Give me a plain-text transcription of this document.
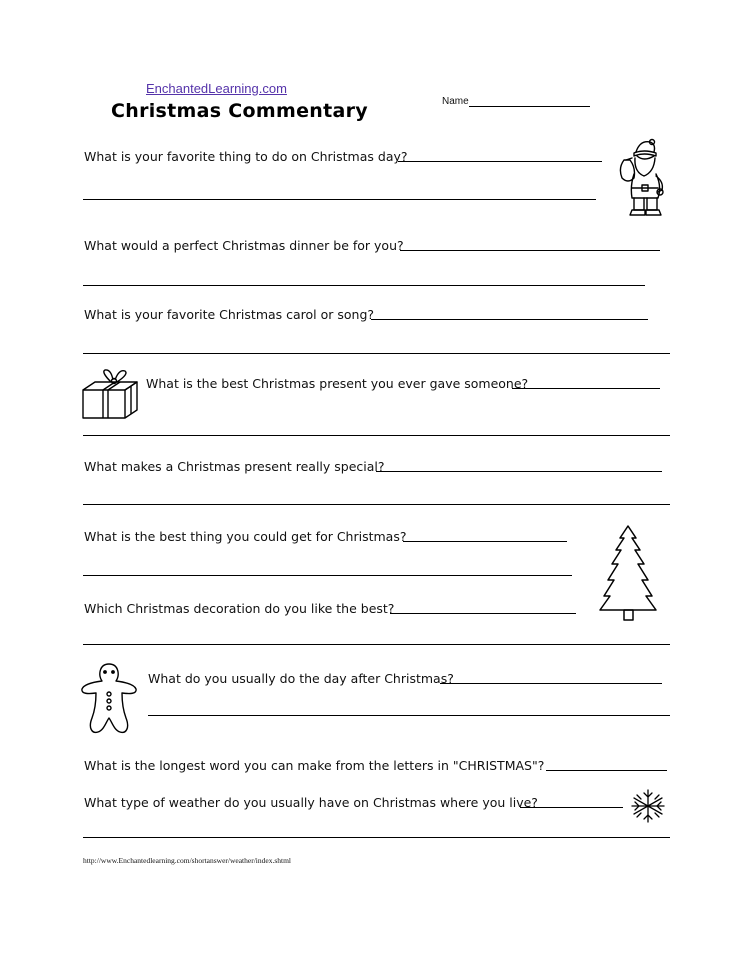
EnchantedLearning.com
Christmas Commentary	Name
What is your favorite thing to do on Christmas day?
What would a perfect Christmas dinner be for you?
What is your favorite Christmas carol or song?
What is the best Christmas present you ever gave someone?
What makes a Christmas present really special?
What is the best thing you could get for Christmas?
Which Christmas decoration do you like the best?
What do you usually do the day after Christmas?
What is the longest word you can make from the letters in "CHRISTMAS"?
What type of weather do you usually have on Christmas where you live?
http://www.Enchantedlearning.com/shortanswer/weather/index.shtml
